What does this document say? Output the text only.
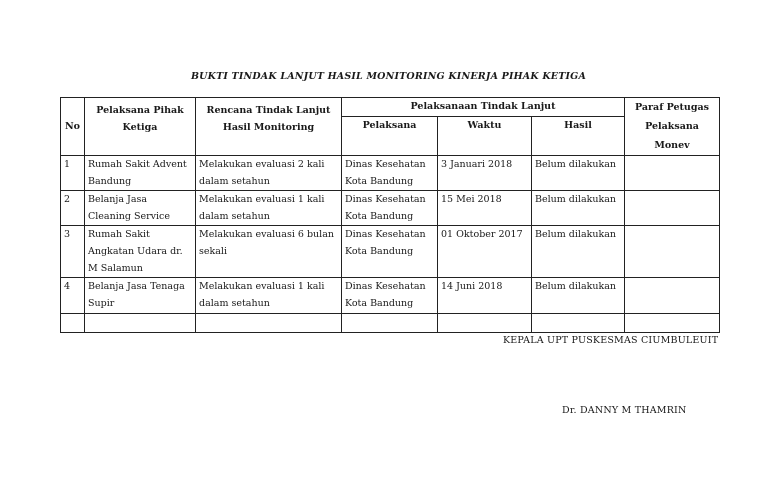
BUKTI TINDAK LANJUT HASIL MONITORING KINERJA PIHAK KETIGA
No	Pelaksana Pihak Ketiga	Rencana Tindak Lanjut Hasil Monitoring	Pelaksanaan Tindak Lanjut			Paraf Petugas Pelaksana Monev
			Pelaksana	Waktu	Hasil	
1	Rumah Sakit Advent Bandung	Melakukan evaluasi 2 kali dalam setahun	Dinas Kesehatan Kota Bandung	3 Januari 2018	Belum dilakukan	
2	Belanja Jasa Cleaning Service	Melakukan evaluasi 1 kali dalam setahun	Dinas Kesehatan Kota Bandung	15 Mei 2018	Belum dilakukan	
3	Rumah Sakit Angkatan Udara dr. M Salamun	Melakukan evaluasi 6 bulan sekali	Dinas Kesehatan Kota Bandung	01 Oktober 2017	Belum dilakukan	
4	Belanja Jasa Tenaga Supir	Melakukan evaluasi 1 kali dalam setahun	Dinas Kesehatan Kota Bandung	14 Juni 2018	Belum dilakukan	

KEPALA UPT PUSKESMAS CIUMBULEUIT
Dr. DANNY M THAMRIN
